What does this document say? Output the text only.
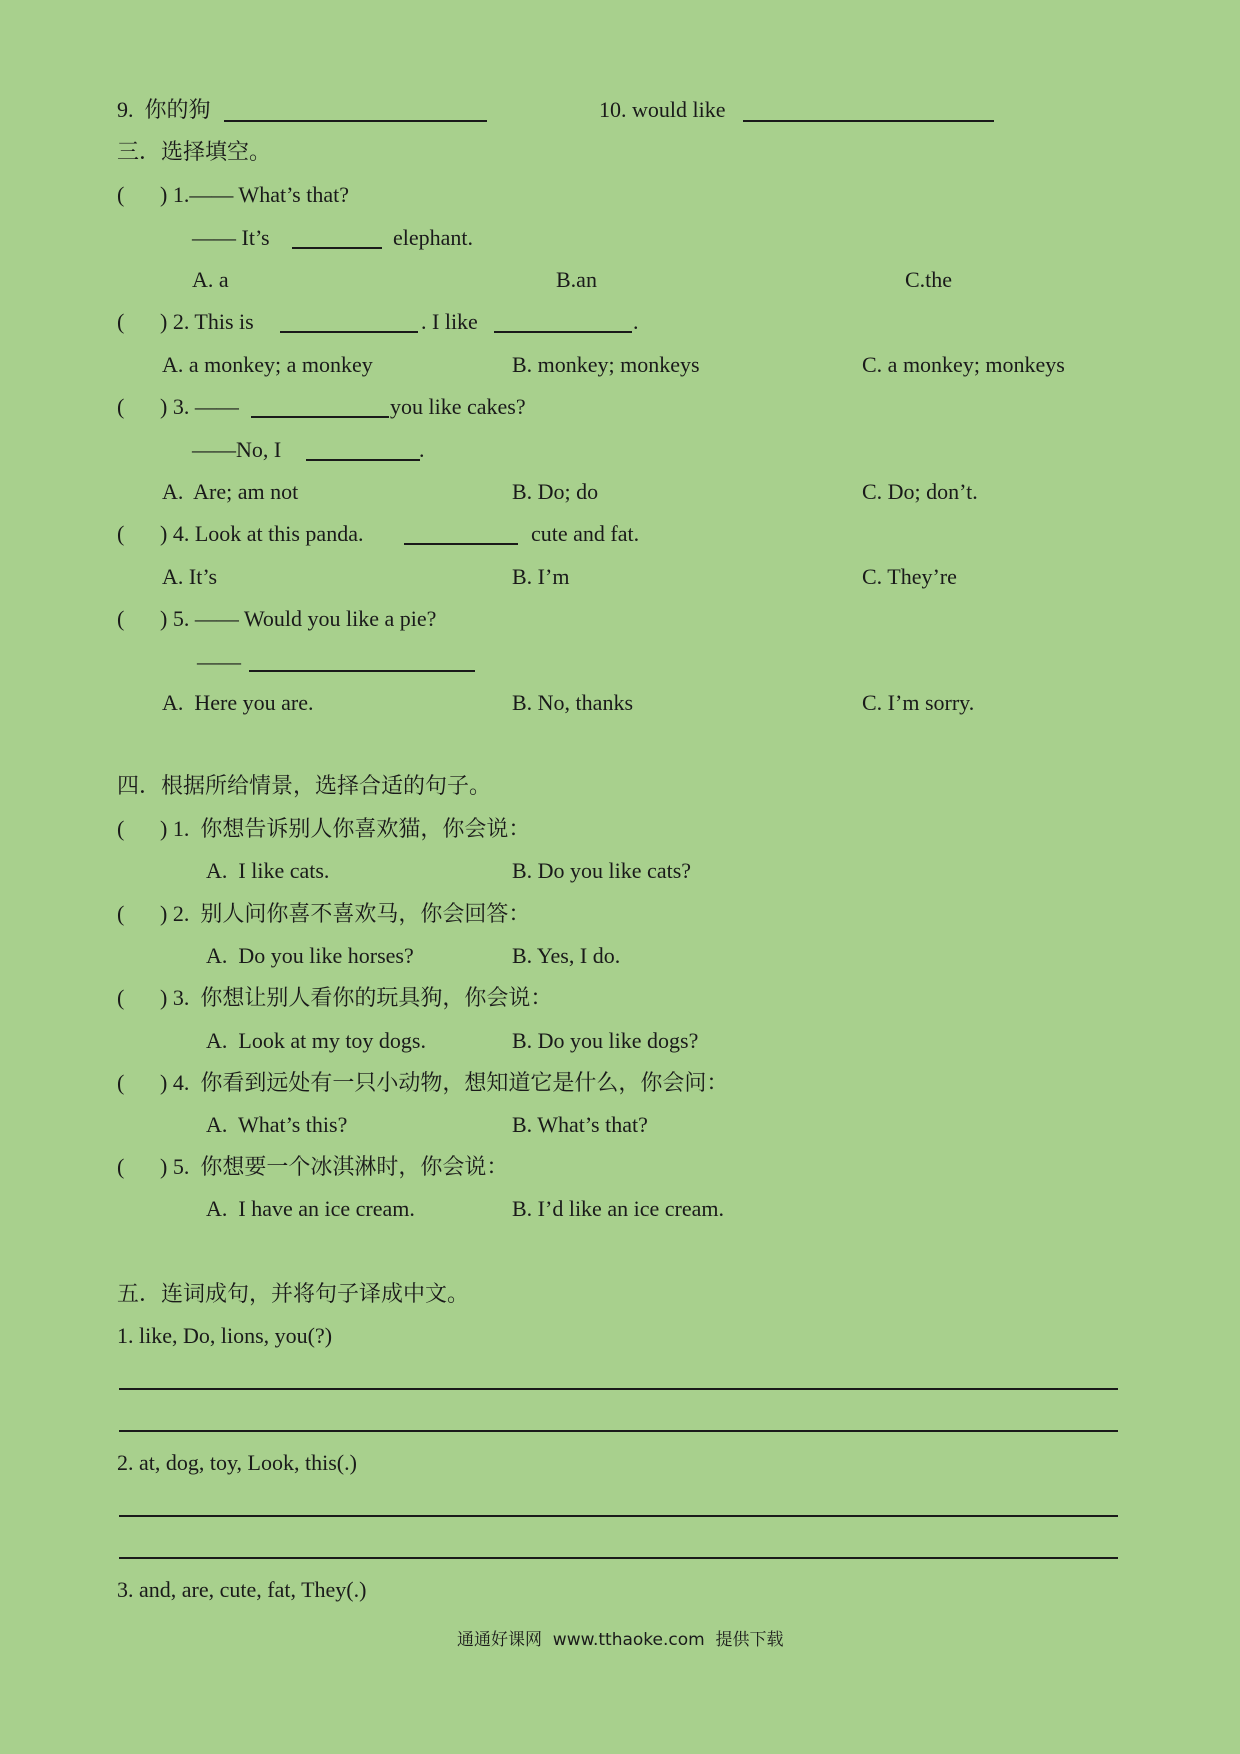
9.  你的狗	10. would like
三．选择填空。
( ) 1.—— What’s that?
—— It’s	elephant.
A. a	B.an	C.the
( ) 2. This is	. I like	.
A. a monkey; a monkey	B. monkey; monkeys	C. a monkey; monkeys
( ) 3. ——	you like cakes?
——No, I	.
A.  Are; am not	B. Do; do	C. Do; don’t.
( ) 4. Look at this panda.	cute and fat.
A. It’s	B. I’m	C. They’re
( ) 5. —— Would you like a pie?
——
A.  Here you are.	B. No, thanks	C. I’m sorry.
四．根据所给情景，选择合适的句子。
( ) 1.  你想告诉别人你喜欢猫，你会说：
A.  I like cats.	B. Do you like cats?
( ) 2.  别人问你喜不喜欢马，你会回答：
A.  Do you like horses?	B. Yes, I do.
( ) 3.  你想让别人看你的玩具狗，你会说：
A.  Look at my toy dogs.	B. Do you like dogs?
( ) 4.  你看到远处有一只小动物，想知道它是什么，你会问：
A.  What’s this?	B. What’s that?
( ) 5.  你想要一个冰淇淋时，你会说：
A.  I have an ice cream.	B. I’d like an ice cream.
五．连词成句，并将句子译成中文。
1. like, Do, lions, you(?)
2. at, dog, toy, Look, this(.)
3. and, are, cute, fat, They(.)
通通好课网  www.tthaoke.com  提供下载
